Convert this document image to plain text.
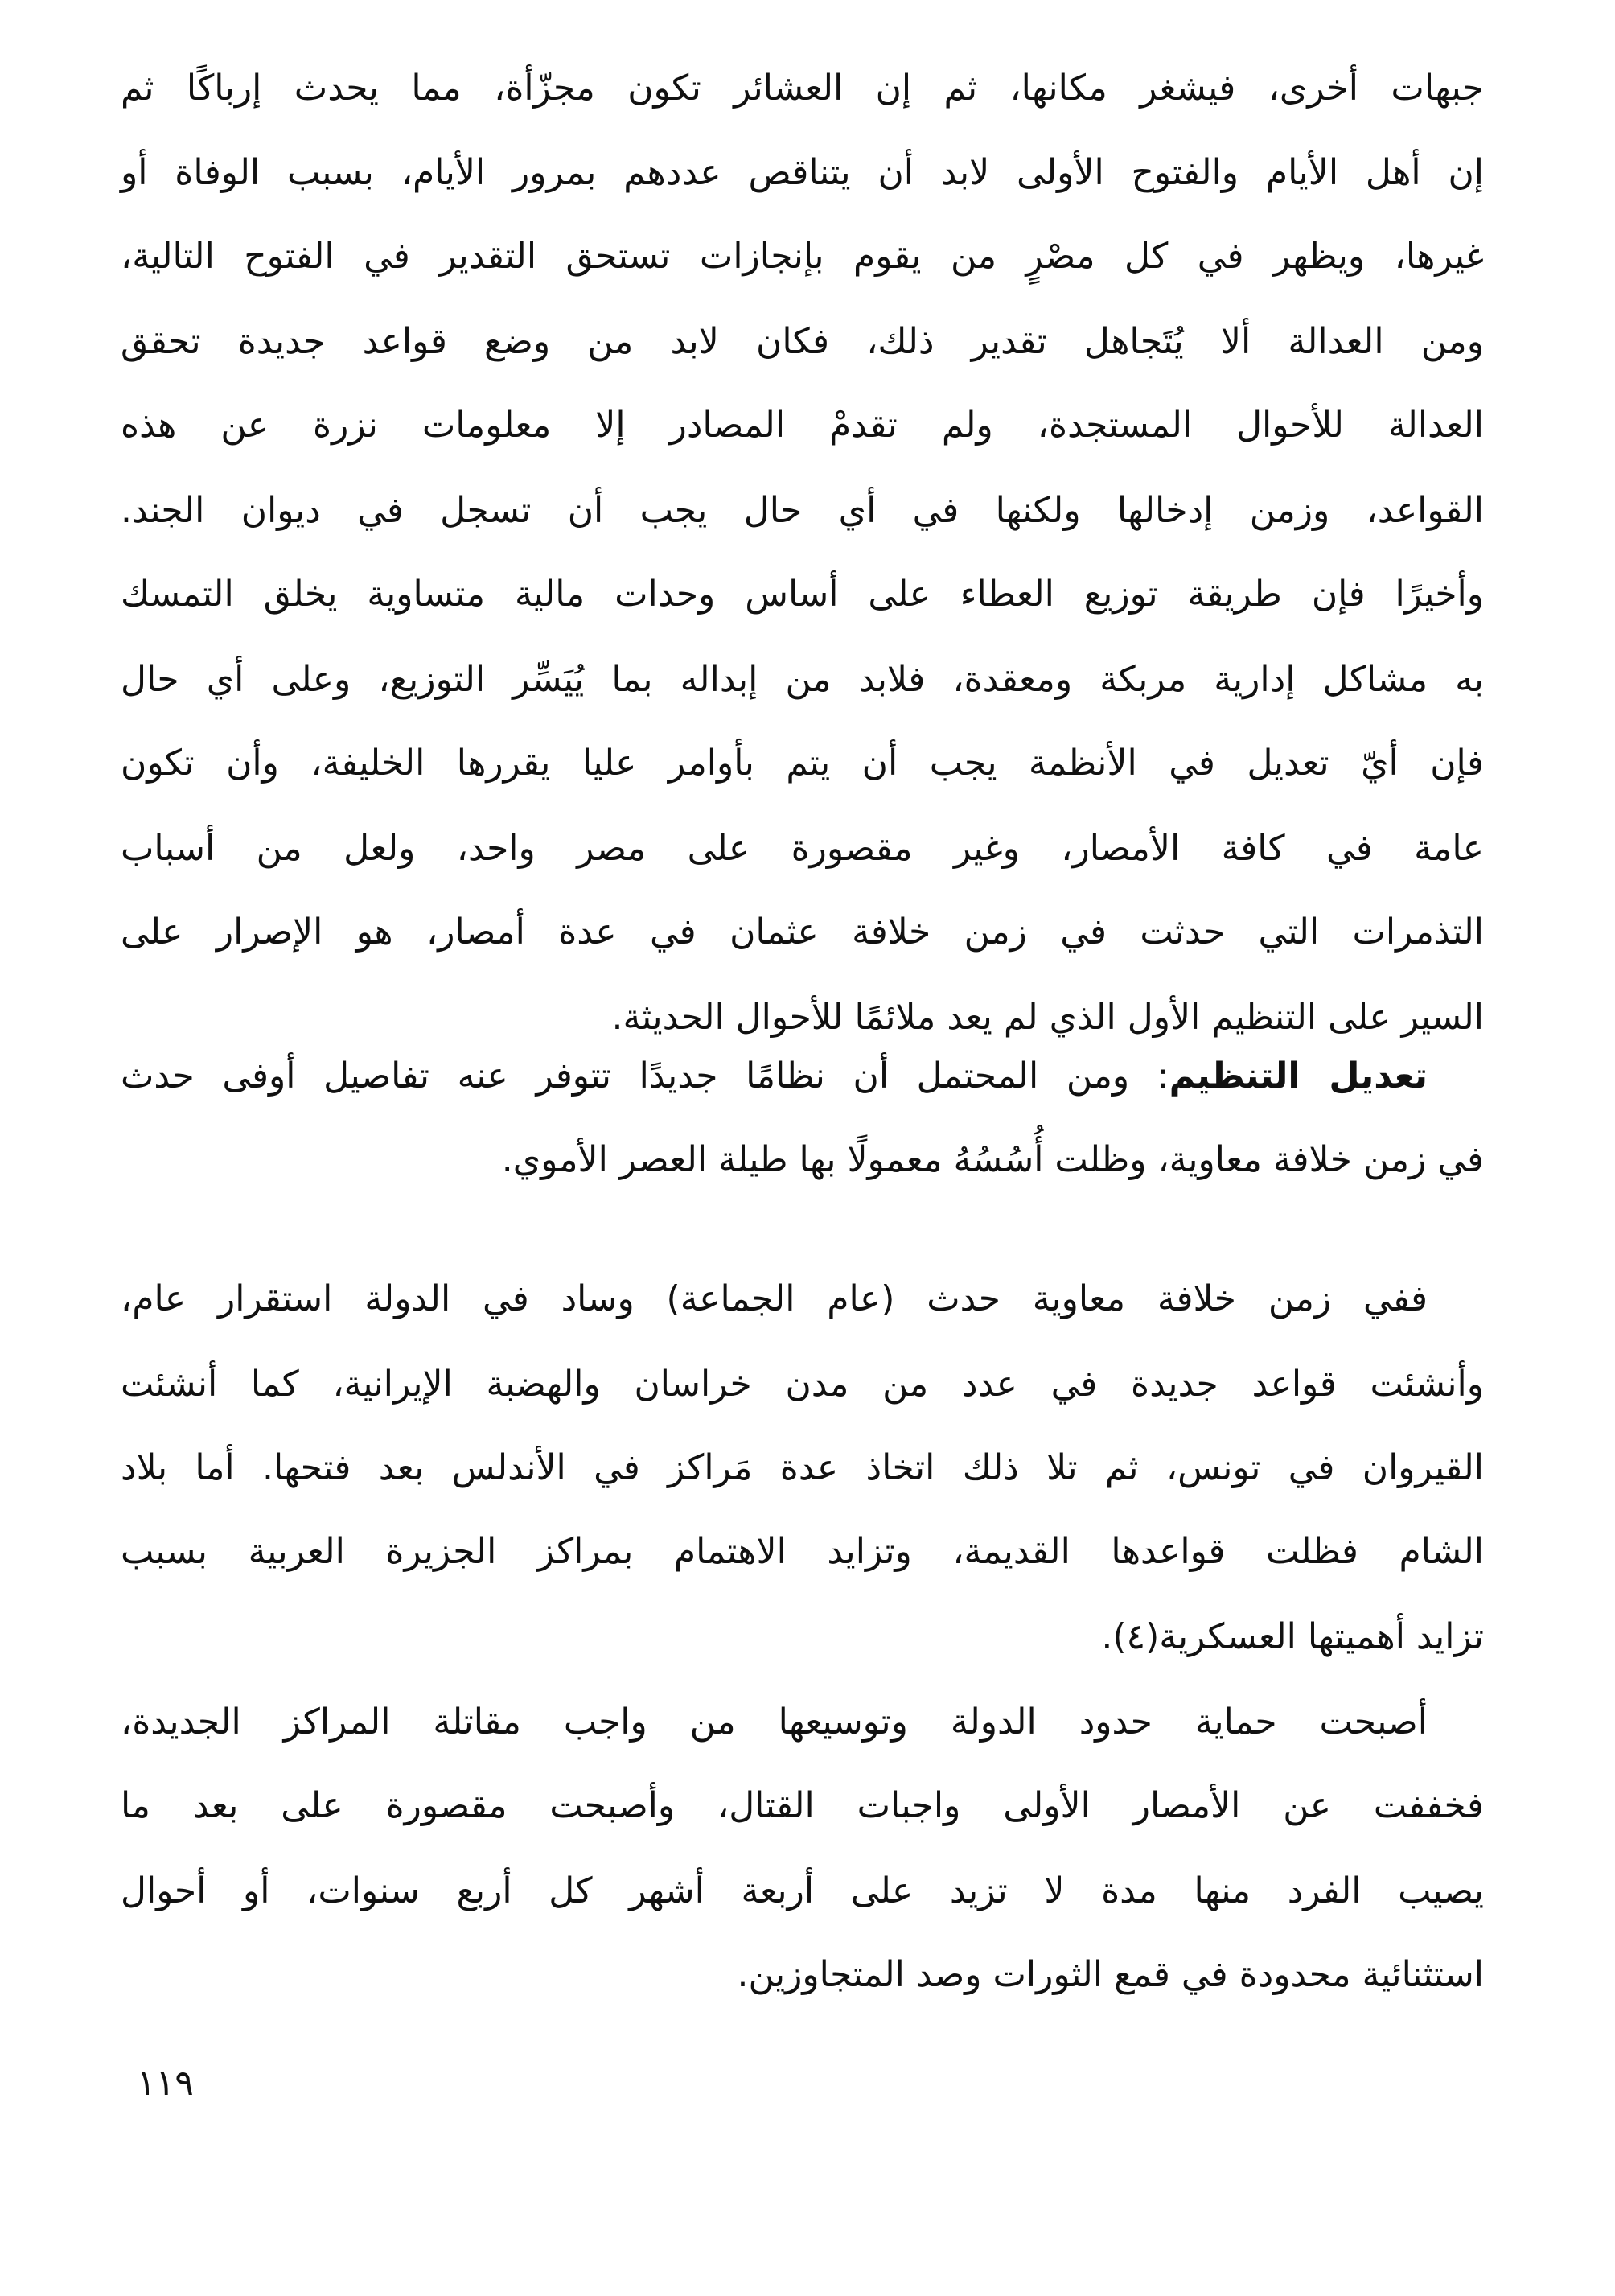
جبهات أخرى، فيشغر مكانها، ثم إن العشائر تكون مجزّأة، مما يحدث إرباكًا ثم
إن أهل الأيام والفتوح الأولى لابد أن يتناقص عددهم بمرور الأيام، بسبب الوفاة أو
غيرها، ويظهر في كل مصْرٍ من يقوم بإنجازات تستحق التقدير في الفتوح التالية،
ومن العدالة ألا يُتَجاهل تقدير ذلك، فكان لابد من وضع قواعد جديدة تحقق
العدالة للأحوال المستجدة، ولم تقدمْ المصادر إلا معلومات نزرة عن هذه
القواعد، وزمن إدخالها ولكنها في أي حال يجب أن تسجل في ديوان الجند.
وأخيرًا فإن طريقة توزيع العطاء على أساس وحدات مالية متساوية يخلق التمسك
به مشاكل إدارية مربكة ومعقدة، فلابد من إبداله بما يُيَسِّر التوزيع، وعلى أي حال
فإن أيّ تعديل في الأنظمة يجب أن يتم بأوامر عليا يقررها الخليفة، وأن تكون
عامة في كافة الأمصار، وغير مقصورة على مصر واحد، ولعل من أسباب
التذمرات التي حدثت في زمن خلافة عثمان في عدة أمصار، هو الإصرار على
السير على التنظيم الأول الذي لم يعد ملائمًا للأحوال الحديثة.
تعديل التنظيم: ومن المحتمل أن نظامًا جديدًا تتوفر عنه تفاصيل أوفى حدث
في زمن خلافة معاوية، وظلت أُسُسُهُ معمولًا بها طيلة العصر الأموي.
ففي زمن خلافة معاوية حدث (عام الجماعة) وساد في الدولة استقرار عام،
وأنشئت قواعد جديدة في عدد من مدن خراسان والهضبة الإيرانية، كما أنشئت
القيروان في تونس، ثم تلا ذلك اتخاذ عدة مَراكز في الأندلس بعد فتحها. أما بلاد
الشام فظلت قواعدها القديمة، وتزايد الاهتمام بمراكز الجزيرة العربية بسبب
تزايد أهميتها العسكرية(٤).
أصبحت حماية حدود الدولة وتوسيعها من واجب مقاتلة المراكز الجديدة،
فخففت عن الأمصار الأولى واجبات القتال، وأصبحت مقصورة على بعد ما
يصيب الفرد منها مدة لا تزيد على أربعة أشهر كل أربع سنوات، أو أحوال
استثنائية محدودة في قمع الثورات وصد المتجاوزين.
١١٩
